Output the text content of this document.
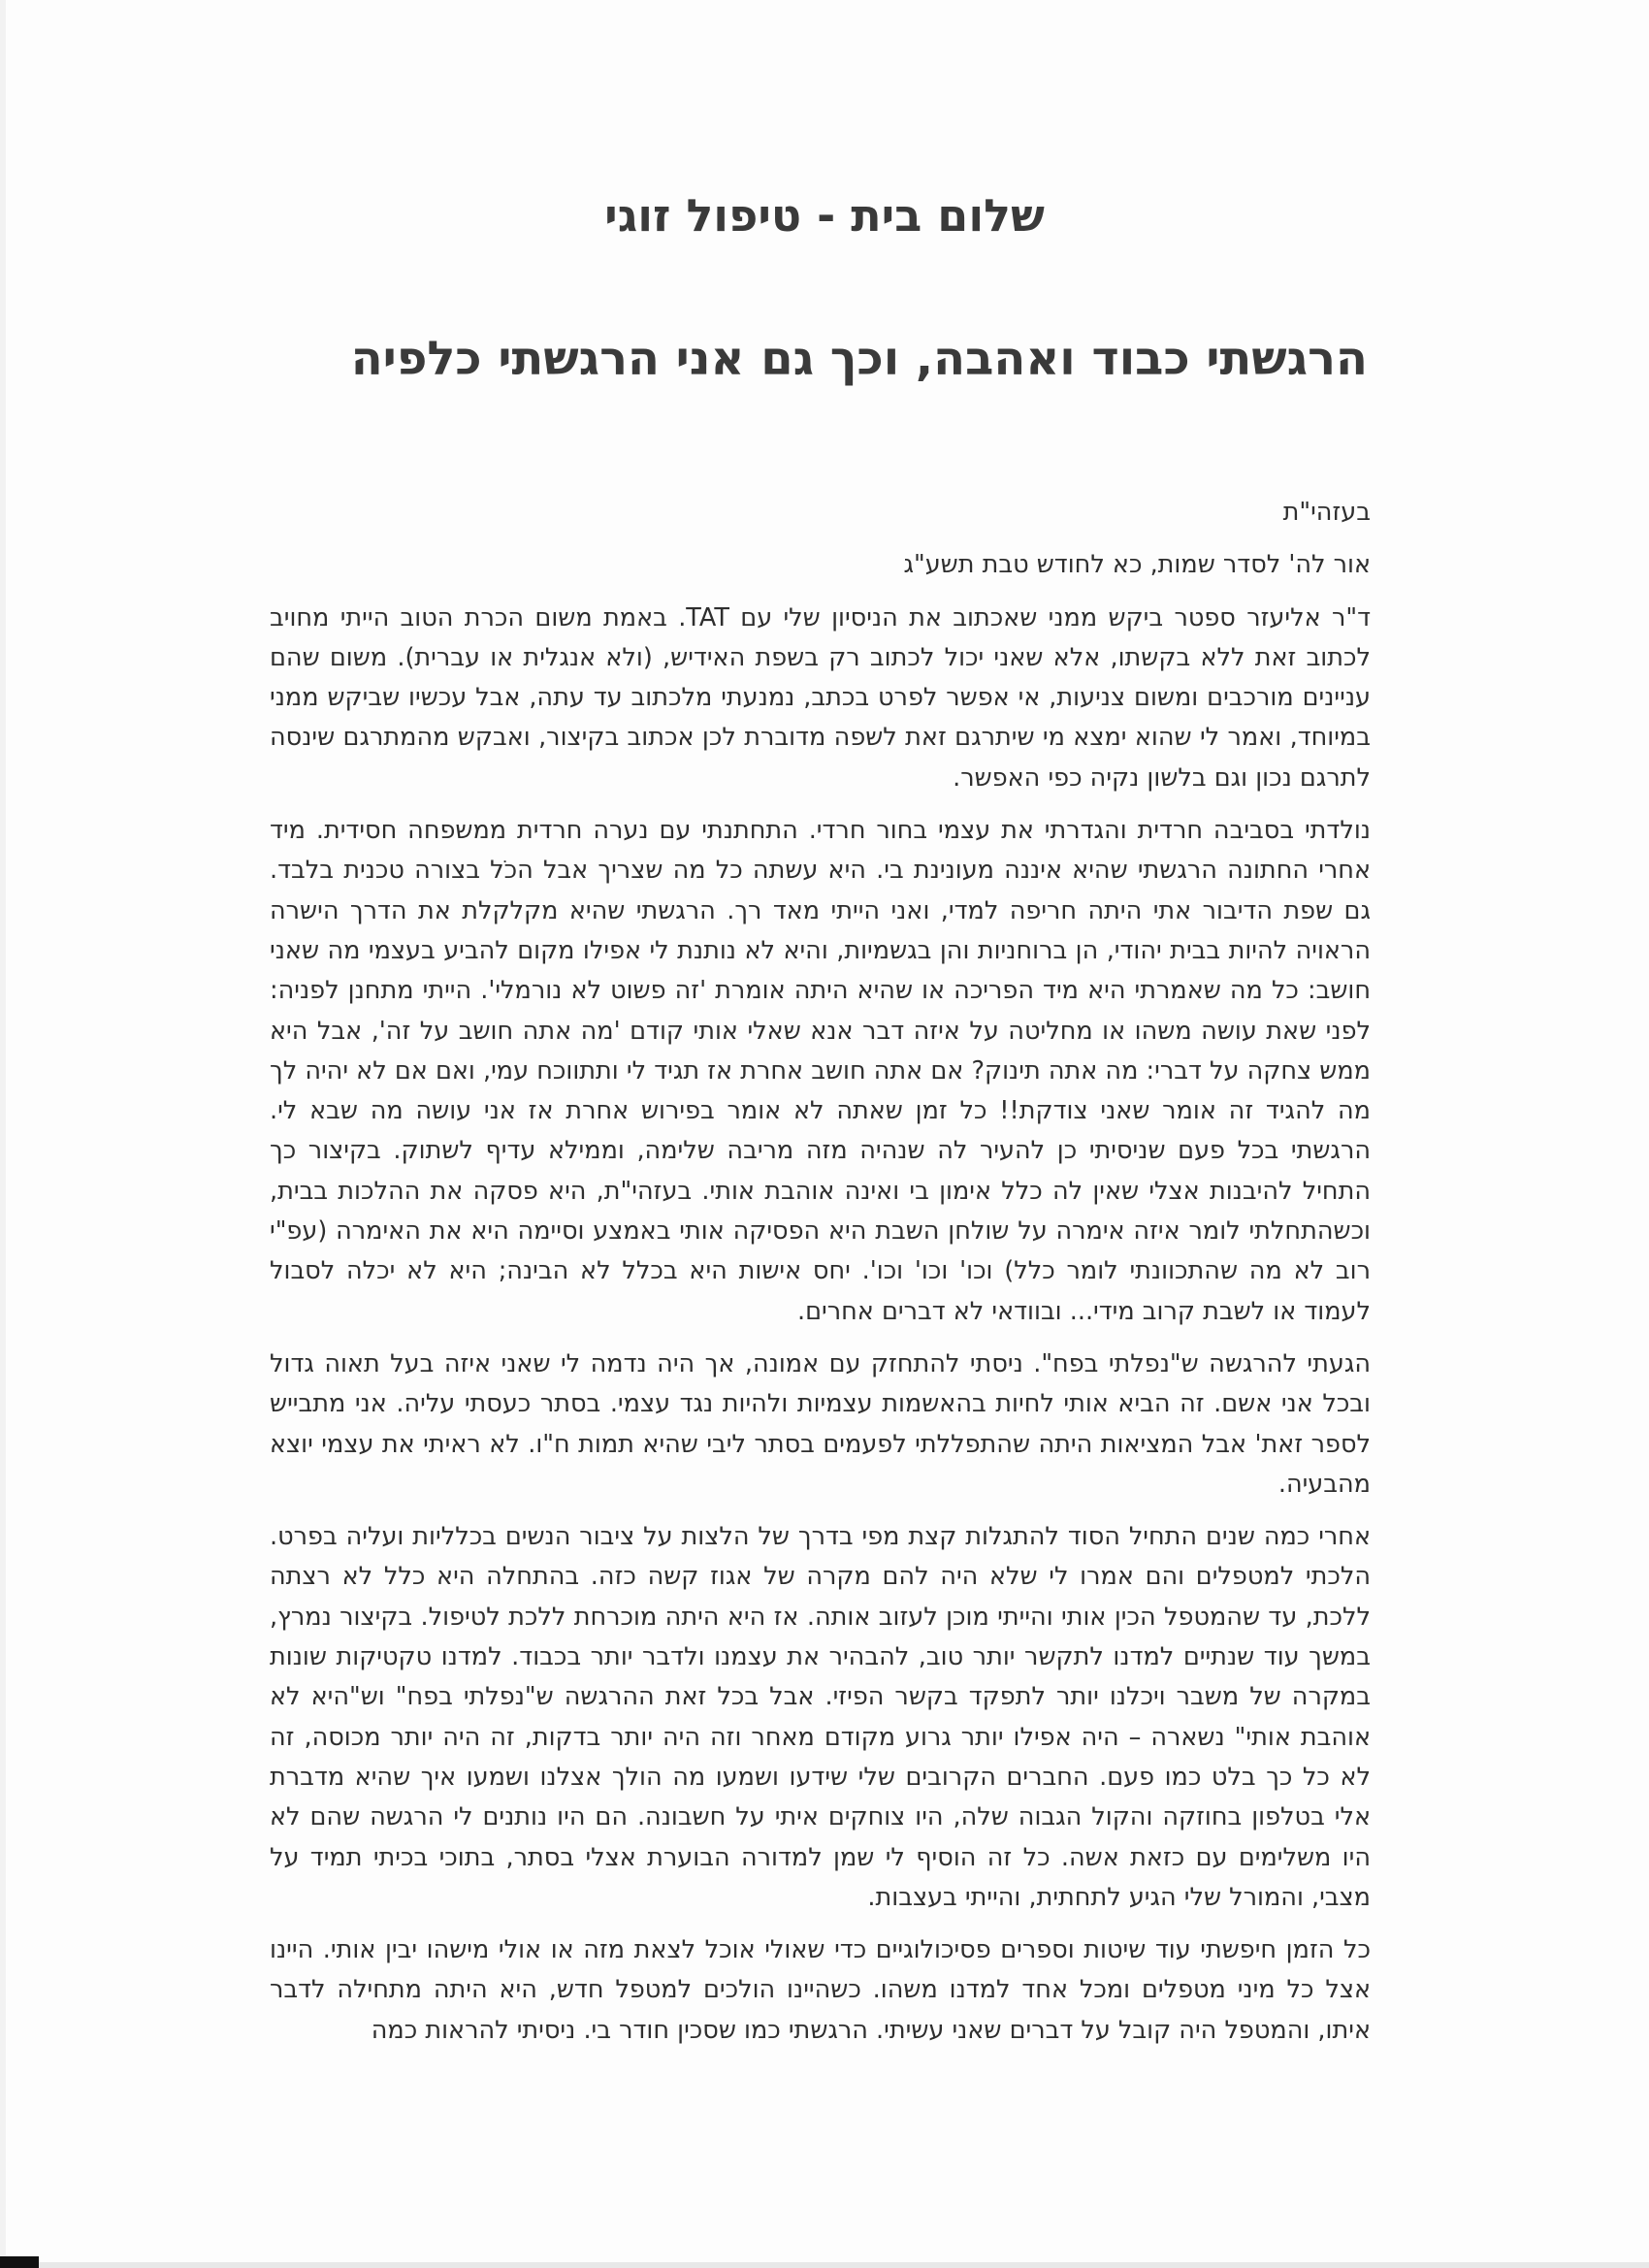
שלום בית - טיפול זוגי
הרגשתי כבוד ואהבה, וכך גם אני הרגשתי כלפיה

בעזהי"ת

אור לה' לסדר שמות, כא לחודש טבת תשע"ג

ד"ר אליעזר ספטר ביקש ממני שאכתוב את הניסיון שלי עם TAT. באמת משום הכרת הטוב הייתי מחויב לכתוב זאת ללא בקשתו, אלא שאני יכול לכתוב רק בשפת האידיש, (ולא אנגלית או עברית). משום שהם עניינים מורכבים ומשום צניעות, אי אפשר לפרט בכתב, נמנעתי מלכתוב עד עתה, אבל עכשיו שביקש ממני במיוחד, ואמר לי שהוא ימצא מי שיתרגם זאת לשפה מדוברת לכן אכתוב בקיצור, ואבקש מהמתרגם שינסה לתרגם נכון וגם בלשון נקיה כפי האפשר.

נולדתי בסביבה חרדית והגדרתי את עצמי בחור חרדי. התחתנתי עם נערה חרדית ממשפחה חסידית. מיד אחרי החתונה הרגשתי שהיא איננה מעונינת בי. היא עשתה כל מה שצריך אבל הכֹל בצורה טכנית בלבד. גם שפת הדיבור אתי היתה חריפה למדי, ואני הייתי מאד רך. הרגשתי שהיא מקלקלת את הדרך הישרה הראויה להיות בבית יהודי, הן ברוחניות והן בגשמיות, והיא לא נותנת לי אפילו מקום להביע בעצמי מה שאני חושב: כל מה שאמרתי היא מיד הפריכה או שהיא היתה אומרת 'זה פשוט לא נורמלי'. הייתי מתחנן לפניה: לפני שאת עושה משהו או מחליטה על איזה דבר אנא שאלי אותי קודם 'מה אתה חושב על זה', אבל היא ממש צחקה על דברי: מה אתה תינוק? אם אתה חושב אחרת אז תגיד לי ותתווכח עמי, ואם אם לא יהיה לך מה להגיד זה אומר שאני צודקת!! כל זמן שאתה לא אומר בפירוש אחרת אז אני עושה מה שבא לי. הרגשתי בכל פעם שניסיתי כן להעיר לה שנהיה מזה מריבה שלימה, וממילא עדיף לשתוק. בקיצור כך התחיל להיבנות אצלי שאין לה כלל אימון בי ואינה אוהבת אותי. בעזהי"ת, היא פסקה את ההלכות בבית, וכשהתחלתי לומר איזה אימרה על שולחן השבת היא הפסיקה אותי באמצע וסיימה היא את האימרה (עפ"י רוב לא מה שהתכוונתי לומר כלל) וכו' וכו' וכו'. יחס אישות היא בכלל לא הבינה; היא לא יכלה לסבול לעמוד או לשבת קרוב מידי... ובוודאי לא דברים אחרים.

הגעתי להרגשה ש"נפלתי בפח". ניסתי להתחזק עם אמונה, אך היה נדמה לי שאני איזה בעל תאוה גדול ובכל אני אשם. זה הביא אותי לחיות בהאשמות עצמיות ולהיות נגד עצמי. בסתר כעסתי עליה. אני מתבייש לספר זאת' אבל המציאות היתה שהתפללתי לפעמים בסתר ליבי שהיא תמות ח"ו. לא ראיתי את עצמי יוצא מהבעיה.

אחרי כמה שנים התחיל הסוד להתגלות קצת מפי בדרך של הלצות על ציבור הנשים בכלליות ועליה בפרט. הלכתי למטפלים והם אמרו לי שלא היה להם מקרה של אגוז קשה כזה. בהתחלה היא כלל לא רצתה ללכת, עד שהמטפל הכין אותי והייתי מוכן לעזוב אותה. אז היא היתה מוכרחת ללכת לטיפול. בקיצור נמרץ, במשך עוד שנתיים למדנו לתקשר יותר טוב, להבהיר את עצמנו ולדבר יותר בכבוד. למדנו טקטיקות שונות במקרה של משבר ויכלנו יותר לתפקד בקשר הפיזי. אבל בכל זאת ההרגשה ש"נפלתי בפח" וש"היא לא אוהבת אותי" נשארה – היה אפילו יותר גרוע מקודם מאחר וזה היה יותר בדקות, זה היה יותר מכוסה, זה לא כל כך בלט כמו פעם. החברים הקרובים שלי שידעו ושמעו מה הולך אצלנו ושמעו איך שהיא מדברת אלי בטלפון בחוזקה והקול הגבוה שלה, היו צוחקים איתי על חשבונה. הם היו נותנים לי הרגשה שהם לא היו משלימים עם כזאת אשה. כל זה הוסיף לי שמן למדורה הבוערת אצלי בסתר, בתוכי בכיתי תמיד על מצבי, והמורל שלי הגיע לתחתית, והייתי בעצבות.

כל הזמן חיפשתי עוד שיטות וספרים פסיכולוגיים כדי שאולי אוכל לצאת מזה או אולי מישהו יבין אותי. היינו אצל כל מיני מטפלים ומכל אחד למדנו משהו. כשהיינו הולכים למטפל חדש, היא היתה מתחילה לדבר איתו, והמטפל היה קובל על דברים שאני עשיתי. הרגשתי כמו שסכין חודר בי. ניסיתי להראות כמה
